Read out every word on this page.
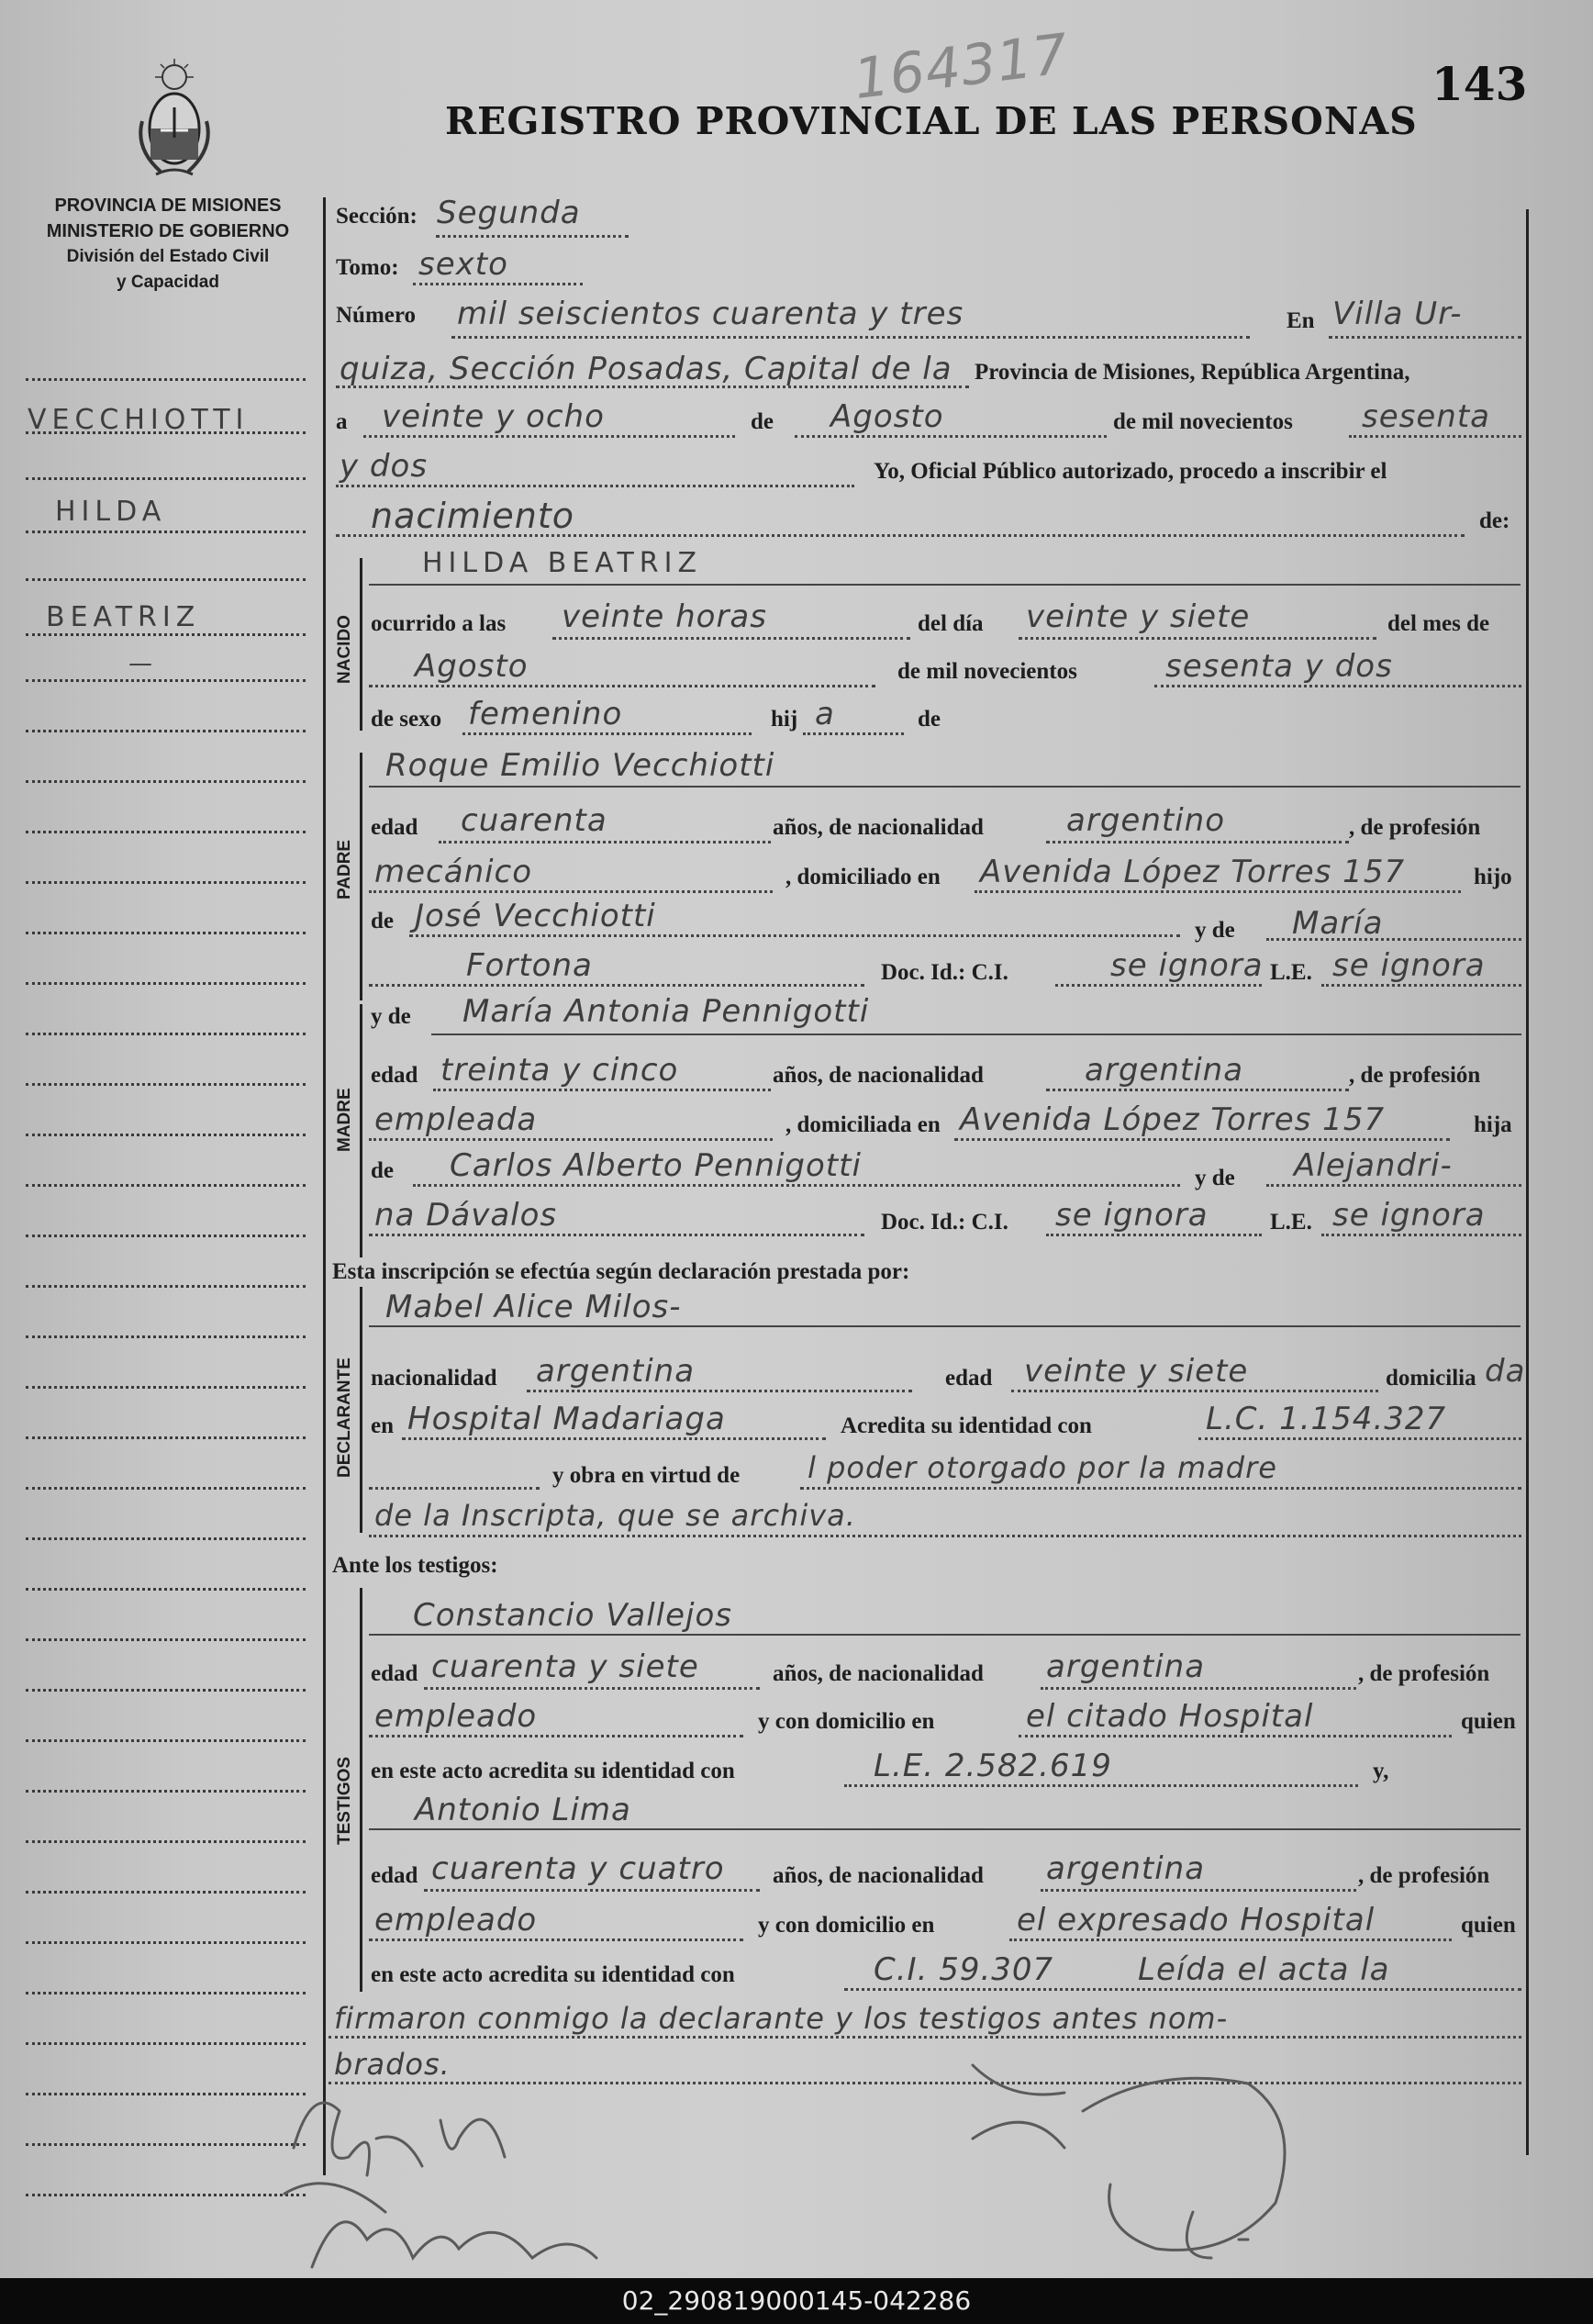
PROVINCIA DE MISIONES
MINISTERIO DE GOBIERNO
División del Estado Civil
y Capacidad
REGISTRO PROVINCIAL DE LAS PERSONAS
143
164317
VECCHIOTTI
HILDA
BEATRIZ
—
Sección: Segunda
Tomo: sexto
Número mil seiscientos cuarenta y tres	En Villa Ur-
quiza, Sección Posadas, Capital de la Provincia de Misiones, República Argentina,
a veinte y ocho	de Agosto	de mil novecientos sesenta
y dos	Yo, Oficial Público autorizado, procedo a inscribir el
nacimiento	de:
NACIDO
HILDA BEATRIZ
ocurrido a las veinte horas	del día veinte y siete	del mes de
Agosto	de mil novecientos	sesenta y dos
de sexo femenino	hij a	de
PADRE
Roque Emilio Vecchiotti
edad cuarenta	años, de nacionalidad	argentino	, de profesión
mecánico	, domiciliado en Avenida López Torres 157	hijo
de José Vecchiotti	y de María
Fortona	Doc. Id.: C.I.	se ignora L.E. se ignora
MADRE
y de María Antonia Pennigotti
edad treinta y cinco	años, de nacionalidad	argentina	, de profesión
empleada	, domiciliada en Avenida López Torres 157	hija
de Carlos Alberto Pennigotti	y de Alejandri-
na Dávalos	Doc. Id.: C.I. se ignora	L.E. se ignora
Esta inscripción se efectúa según declaración prestada por:
DECLARANTE
Mabel Alice Milos-
nacionalidad argentina	edad veinte y siete	domicilia da
en Hospital Madariaga	Acredita su identidad con	L.C. 1.154.327
y obra en virtud de l poder otorgado por la madre
de la Inscripta, que se archiva.
Ante los testigos:
TESTIGOS
Constancio Vallejos
edad cuarenta y siete	años, de nacionalidad argentina	, de profesión
empleado	y con domicilio en	el citado Hospital	quien
en este acto acredita su identidad con	L.E. 2.582.619	y,
Antonio Lima
edad cuarenta y cuatro años, de nacionalidad argentina	, de profesión
empleado	y con domicilio en	el expresado Hospital	quien
en este acto acredita su identidad con	C.I. 59.307	Leída el acta la
firmaron conmigo la declarante y los testigos antes nom-
brados.
02_290819000145-042286
